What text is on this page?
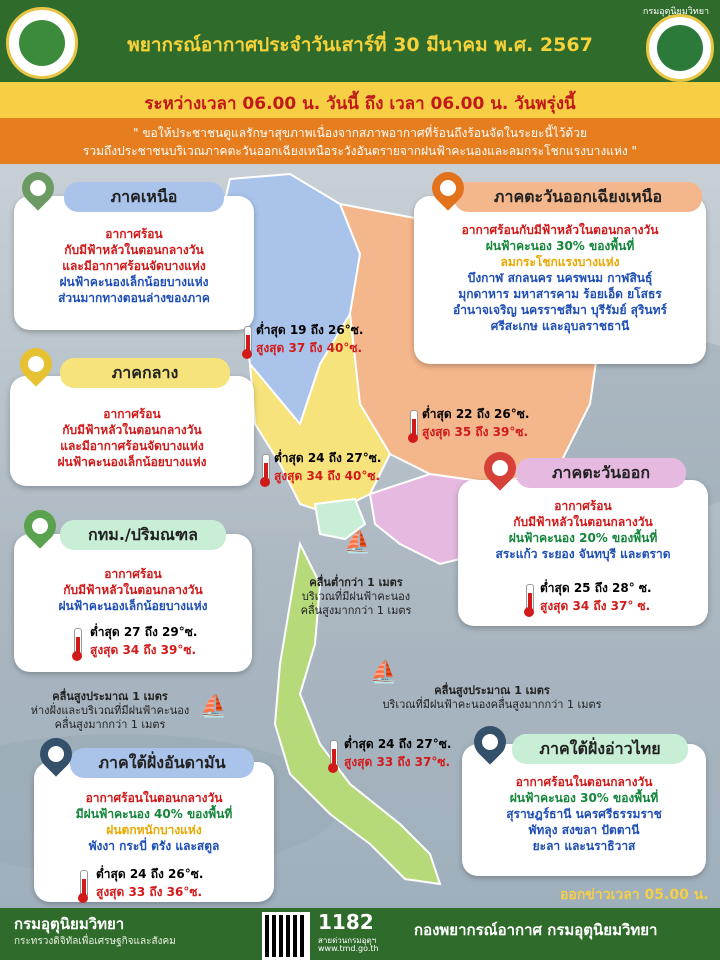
พยากรณ์อากาศประจำวันเสาร์ที่ 30 มีนาคม พ.ศ. 2567
กรมอุตุนิยมวิทยา
ระหว่างเวลา 06.00 น. วันนี้ ถึง เวลา 06.00 น. วันพรุ่งนี้
" ขอให้ประชาชนดูแลรักษาสุขภาพเนื่องจากสภาพอากาศที่ร้อนถึงร้อนจัดในระยะนี้ไว้ด้วย
รวมถึงประชาชนบริเวณภาคตะวันออกเฉียงเหนือระวังอันตรายจากฝนฟ้าคะนองและลมกระโชกแรงบางแห่ง "
ภาคเหนือ
อากาศร้อน
กับมีฟ้าหลัวในตอนกลางวัน
และมีอากาศร้อนจัดบางแห่ง
ฝนฟ้าคะนองเล็กน้อยบางแห่ง
ส่วนมากทางตอนล่างของภาค
ต่ำสุด 19 ถึง 26°ซ.
สูงสุด 37 ถึง 40°ซ.
ภาคตะวันออกเฉียงเหนือ
อากาศร้อนกับมีฟ้าหลัวในตอนกลางวัน
ฝนฟ้าคะนอง 30% ของพื้นที่
ลมกระโชกแรงบางแห่ง
บึงกาฬ สกลนคร นครพนม กาฬสินธุ์
มุกดาหาร มหาสารคาม ร้อยเอ็ด ยโสธร
อำนาจเจริญ นครราชสีมา บุรีรัมย์ สุรินทร์
ศรีสะเกษ และอุบลราชธานี
ต่ำสุด 22 ถึง 26°ซ.
สูงสุด 35 ถึง 39°ซ.
ภาคกลาง
อากาศร้อน
กับมีฟ้าหลัวในตอนกลางวัน
และมีอากาศร้อนจัดบางแห่ง
ฝนฟ้าคะนองเล็กน้อยบางแห่ง	ต่ำสุด 24 ถึง 27°ซ.
สูงสุด 34 ถึง 40°ซ.	ภาคตะวันออก
อากาศร้อน
กับมีฟ้าหลัวในตอนกลางวัน
ฝนฟ้าคะนอง 20% ของพื้นที่
สระแก้ว ระยอง จันทบุรี และตราด
ต่ำสุด 25 ถึง 28° ซ.
สูงสุด 34 ถึง 37° ซ.
กทม./ปริมณฑล
อากาศร้อน
กับมีฟ้าหลัวในตอนกลางวัน
ฝนฟ้าคะนองเล็กน้อยบางแห่ง
ต่ำสุด 27 ถึง 29°ซ.
สูงสุด 34 ถึง 39°ซ.
⛵
คลื่นต่ำกว่า 1 เมตร
บริเวณที่มีฝนฟ้าคะนอง
คลื่นสูงมากกว่า 1 เมตร
⛵
คลื่นสูงประมาณ 1 เมตร
บริเวณที่มีฝนฟ้าคะนองคลื่นสูงมากกว่า 1 เมตร
⛵
คลื่นสูงประมาณ 1 เมตร
ห่างฝั่งและบริเวณที่มีฝนฟ้าคะนอง
คลื่นสูงมากกว่า 1 เมตร
ภาคใต้ฝั่งอันดามัน
อากาศร้อนในตอนกลางวัน
มีฝนฟ้าคะนอง 40% ของพื้นที่
ฝนตกหนักบางแห่ง
พังงา กระบี่ ตรัง และสตูล
ต่ำสุด 24 ถึง 26°ซ.
สูงสุด 33 ถึง 36°ซ.
ต่ำสุด 24 ถึง 27°ซ.
สูงสุด 33 ถึง 37°ซ.
ภาคใต้ฝั่งอ่าวไทย
อากาศร้อนในตอนกลางวัน
ฝนฟ้าคะนอง 30% ของพื้นที่
สุราษฎร์ธานี นครศรีธรรมราช
พัทลุง สงขลา ปัตตานี
ยะลา และนราธิวาส
ออกข่าวเวลา 05.00 น.
กรมอุตุนิยมวิทยา
กระทรวงดิจิทัลเพื่อเศรษฐกิจและสังคม
1182
สายด่วนกรมอุตุฯ
www.tmd.go.th
กองพยากรณ์อากาศ กรมอุตุนิยมวิทยา
